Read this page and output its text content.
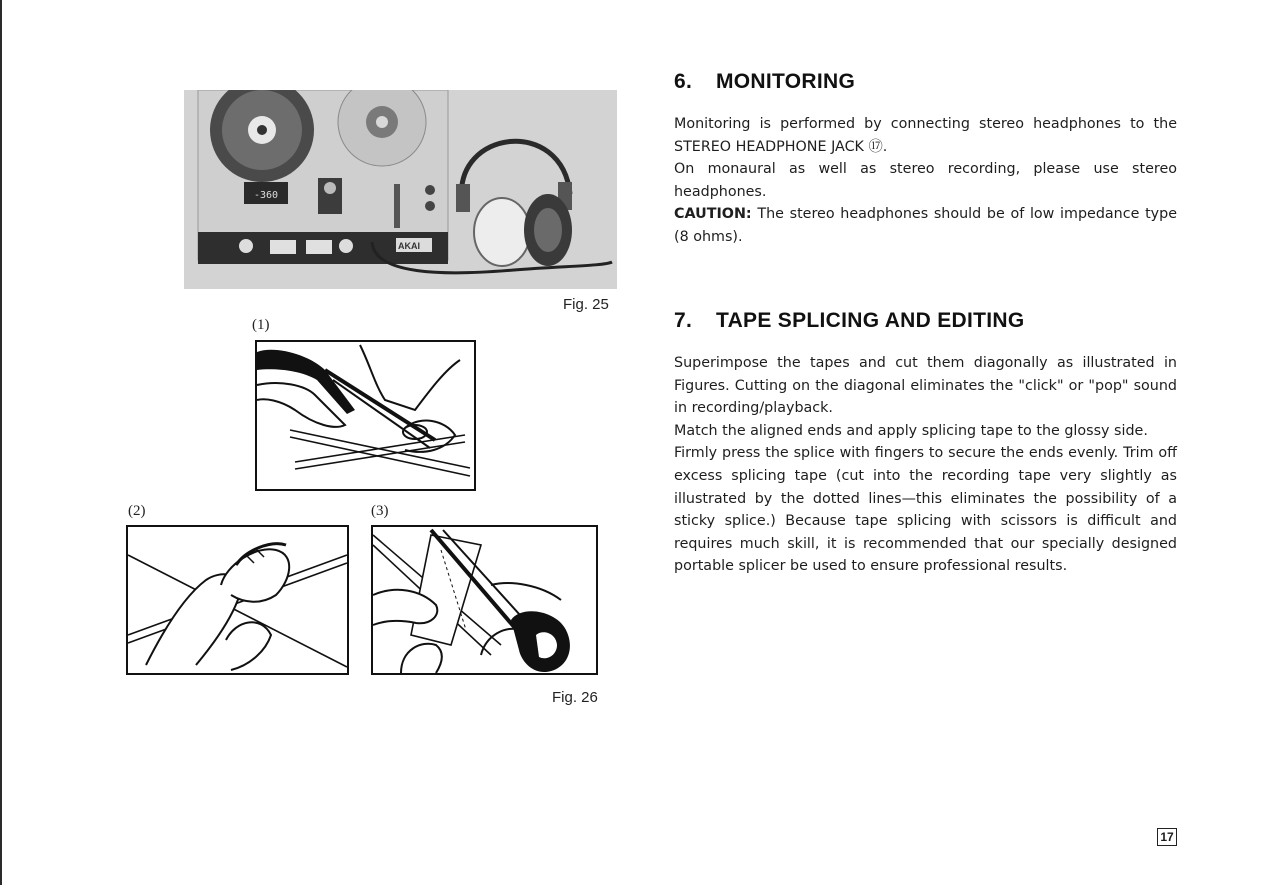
-360
AKAI
Fig. 25
(1)
(2)	(3)
Fig. 26
6. MONITORING

Monitoring is performed by connecting stereo headphones to the STEREO HEADPHONE JACK ⑰.

On monaural as well as stereo recording, please use stereo headphones.

CAUTION: The stereo headphones should be of low impedance type (8 ohms).

7. TAPE SPLICING AND EDITING

Superimpose the tapes and cut them diagonally as illustrated in Figures. Cutting on the diagonal eliminates the "click" or "pop" sound in recording/playback.

Match the aligned ends and apply splicing tape to the glossy side.

Firmly press the splice with fingers to secure the ends evenly. Trim off excess splicing tape (cut into the recording tape very slightly as illustrated by the dotted lines—this eliminates the possibility of a sticky splice.) Because tape splicing with scissors is difficult and requires much skill, it is recommended that our specially designed portable splicer be used to ensure professional results.

17
